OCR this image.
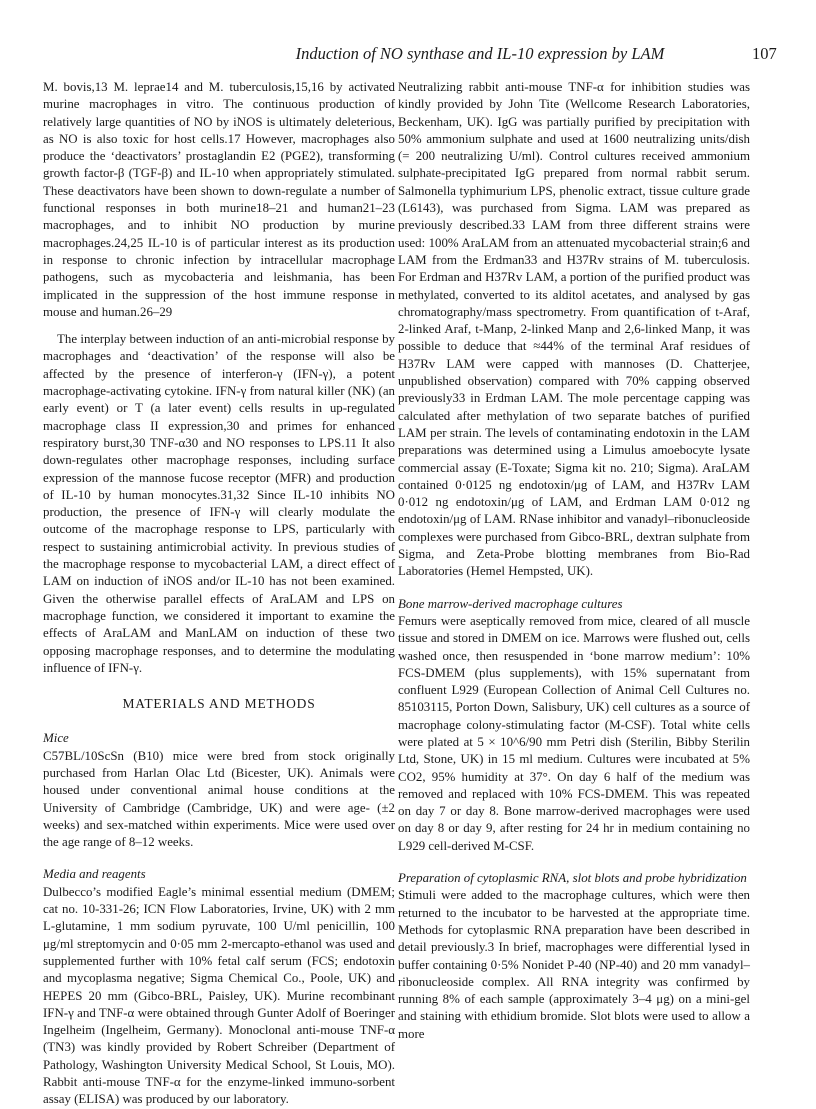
Induction of NO synthase and IL-10 expression by LAM	107

M. bovis,13 M. leprae14 and M. tuberculosis,15,16 by activated murine macrophages in vitro. The continuous production of relatively large quantities of NO by iNOS is ultimately deleterious, as NO is also toxic for host cells.17 However, macrophages also produce the ‘deactivators’ prostaglandin E2 (PGE2), transforming growth factor-β (TGF-β) and IL-10 when appropriately stimulated. These deactivators have been shown to down-regulate a number of functional responses in both murine18–21 and human21–23 macrophages, and to inhibit NO production by murine macrophages.24,25 IL-10 is of particular interest as its production in response to chronic infection by intracellular macrophage pathogens, such as mycobacteria and leishmania, has been implicated in the suppression of the host immune response in mouse and human.26–29

The interplay between induction of an anti-microbial response by macrophages and ‘deactivation’ of the response will also be affected by the presence of interferon-γ (IFN-γ), a potent macrophage-activating cytokine. IFN-γ from natural killer (NK) (an early event) or T (a later event) cells results in up-regulated macrophage class II expression,30 and primes for enhanced respiratory burst,30 TNF-α30 and NO responses to LPS.11 It also down-regulates other macrophage responses, including surface expression of the mannose fucose receptor (MFR) and production of IL-10 by human monocytes.31,32 Since IL-10 inhibits NO production, the presence of IFN-γ will clearly modulate the outcome of the macrophage response to LPS, particularly with respect to sustaining antimicrobial activity. In previous studies of the macrophage response to mycobacterial LAM, a direct effect of LAM on induction of iNOS and/or IL-10 has not been examined. Given the otherwise parallel effects of AraLAM and LPS on macrophage function, we considered it important to examine the effects of AraLAM and ManLAM on induction of these two opposing macrophage responses, and to determine the modulating influence of IFN-γ.

MATERIALS AND METHODS

Mice

C57BL/10ScSn (B10) mice were bred from stock originally purchased from Harlan Olac Ltd (Bicester, UK). Animals were housed under conventional animal house conditions at the University of Cambridge (Cambridge, UK) and were age- (±2 weeks) and sex-matched within experiments. Mice were used over the age range of 8–12 weeks.

Media and reagents

Dulbecco’s modified Eagle’s minimal essential medium (DMEM; cat no. 10-331-26; ICN Flow Laboratories, Irvine, UK) with 2 mm L-glutamine, 1 mm sodium pyruvate, 100 U/ml penicillin, 100 μg/ml streptomycin and 0·05 mm 2-mercapto-ethanol was used and supplemented further with 10% fetal calf serum (FCS; endotoxin and mycoplasma negative; Sigma Chemical Co., Poole, UK) and HEPES 20 mm (Gibco-BRL, Paisley, UK). Murine recombinant IFN-γ and TNF-α were obtained through Gunter Adolf of Boeringer Ingelheim (Ingelheim, Germany). Monoclonal anti-mouse TNF-α (TN3) was kindly provided by Robert Schreiber (Department of Pathology, Washington University Medical School, St Louis, MO). Rabbit anti-mouse TNF-α for the enzyme-linked immuno-sorbent assay (ELISA) was produced by our laboratory.

Neutralizing rabbit anti-mouse TNF-α for inhibition studies was kindly provided by John Tite (Wellcome Research Laboratories, Beckenham, UK). IgG was partially purified by precipitation with 50% ammonium sulphate and used at 1600 neutralizing units/dish (= 200 neutralizing U/ml). Control cultures received ammonium sulphate-precipitated IgG prepared from normal rabbit serum. Salmonella typhimurium LPS, phenolic extract, tissue culture grade (L6143), was purchased from Sigma. LAM was prepared as previously described.33 LAM from three different strains were used: 100% AraLAM from an attenuated mycobacterial strain;6 and LAM from the Erdman33 and H37Rv strains of M. tuberculosis. For Erdman and H37Rv LAM, a portion of the purified product was methylated, converted to its alditol acetates, and analysed by gas chromatography/mass spectrometry. From quantification of t-Araf, 2-linked Araf, t-Manp, 2-linked Manp and 2,6-linked Manp, it was possible to deduce that ≈44% of the terminal Araf residues of H37Rv LAM were capped with mannoses (D. Chatterjee, unpublished observation) compared with 70% capping observed previously33 in Erdman LAM. The mole percentage capping was calculated after methylation of two separate batches of purified LAM per strain. The levels of contaminating endotoxin in the LAM preparations was determined using a Limulus amoebocyte lysate commercial assay (E-Toxate; Sigma kit no. 210; Sigma). AraLAM contained 0·0125 ng endotoxin/μg of LAM, and H37Rv LAM 0·012 ng endotoxin/μg of LAM, and Erdman LAM 0·012 ng endotoxin/μg of LAM. RNase inhibitor and vanadyl–ribonucleoside complexes were purchased from Gibco-BRL, dextran sulphate from Sigma, and Zeta-Probe blotting membranes from Bio-Rad Laboratories (Hemel Hempsted, UK).

Bone marrow-derived macrophage cultures

Femurs were aseptically removed from mice, cleared of all muscle tissue and stored in DMEM on ice. Marrows were flushed out, cells washed once, then resuspended in ‘bone marrow medium’: 10% FCS-DMEM (plus supplements), with 15% supernatant from confluent L929 (European Collection of Animal Cell Cultures no. 85103115, Porton Down, Salisbury, UK) cell cultures as a source of macrophage colony-stimulating factor (M-CSF). Total white cells were plated at 5 × 10^6/90 mm Petri dish (Sterilin, Bibby Sterilin Ltd, Stone, UK) in 15 ml medium. Cultures were incubated at 5% CO2, 95% humidity at 37°. On day 6 half of the medium was removed and replaced with 10% FCS-DMEM. This was repeated on day 7 or day 8. Bone marrow-derived macrophages were used on day 8 or day 9, after resting for 24 hr in medium containing no L929 cell-derived M-CSF.

Preparation of cytoplasmic RNA, slot blots and probe hybridization

Stimuli were added to the macrophage cultures, which were then returned to the incubator to be harvested at the appropriate time. Methods for cytoplasmic RNA preparation have been described in detail previously.3 In brief, macrophages were differential lysed in buffer containing 0·5% Nonidet P-40 (NP-40) and 20 mm vanadyl–ribonucleoside complex. All RNA integrity was confirmed by running 8% of each sample (approximately 3–4 μg) on a mini-gel and staining with ethidium bromide. Slot blots were used to allow a more
